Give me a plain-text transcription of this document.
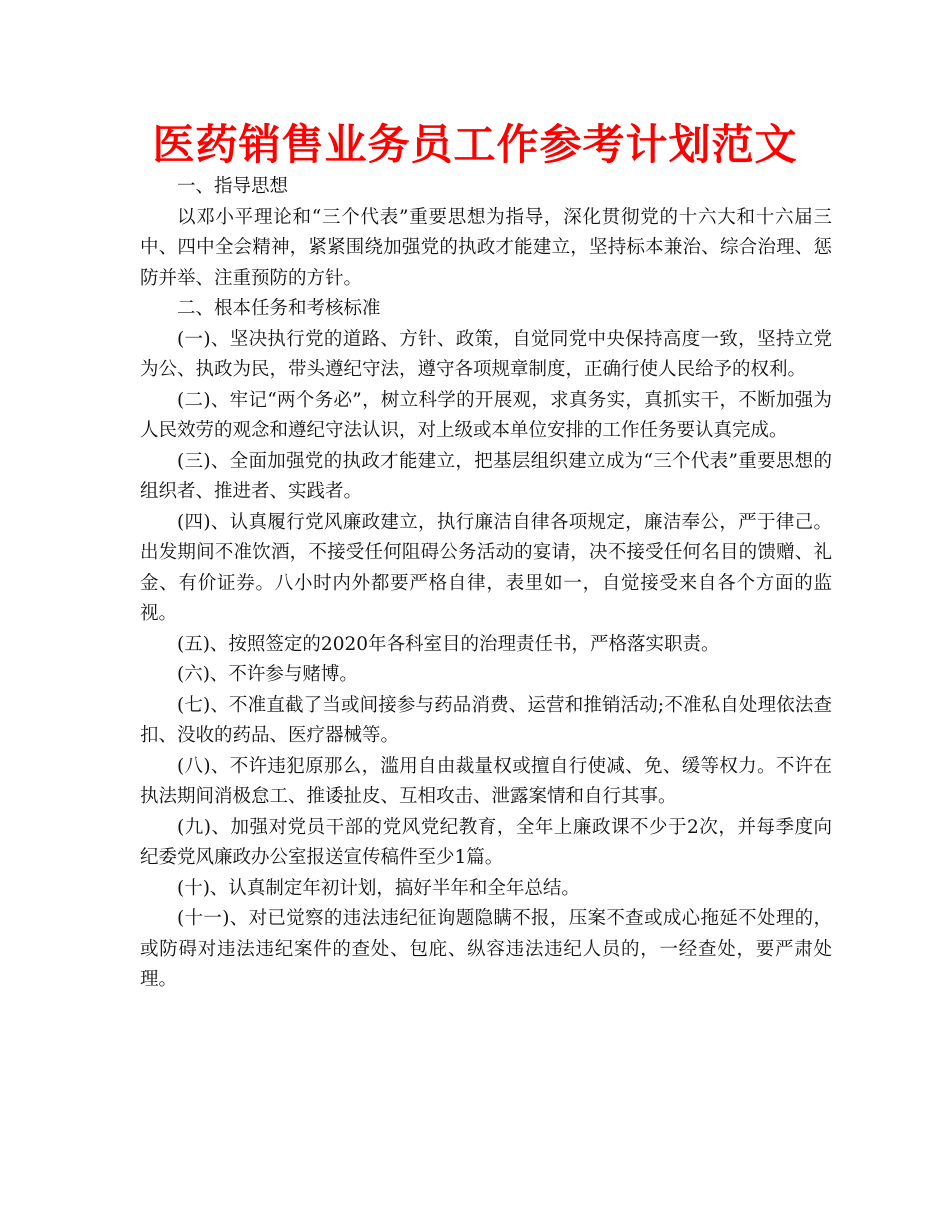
医药销售业务员工作参考计划范文

一、指导思想

以邓小平理论和“三个代表”重要思想为指导，深化贯彻党的十六大和十六届三中、四中全会精神，紧紧围绕加强党的执政才能建立，坚持标本兼治、综合治理、惩防并举、注重预防的方针。

二、根本任务和考核标准

(一)、坚决执行党的道路、方针、政策，自觉同党中央保持高度一致，坚持立党为公、执政为民，带头遵纪守法，遵守各项规章制度，正确行使人民给予的权利。

(二)、牢记“两个务必”，树立科学的开展观，求真务实，真抓实干，不断加强为人民效劳的观念和遵纪守法认识，对上级或本单位安排的工作任务要认真完成。

(三)、全面加强党的执政才能建立，把基层组织建立成为“三个代表”重要思想的组织者、推进者、实践者。

(四)、认真履行党风廉政建立，执行廉洁自律各项规定，廉洁奉公，严于律己。出发期间不准饮酒，不接受任何阻碍公务活动的宴请，决不接受任何名目的馈赠、礼金、有价证券。八小时内外都要严格自律，表里如一，自觉接受来自各个方面的监视。

(五)、按照签定的2020年各科室目的治理责任书，严格落实职责。

(六)、不许参与赌博。

(七)、不准直截了当或间接参与药品消费、运营和推销活动;不准私自处理依法查扣、没收的药品、医疗器械等。

(八)、不许违犯原那么，滥用自由裁量权或擅自行使减、免、缓等权力。不许在执法期间消极怠工、推诿扯皮、互相攻击、泄露案情和自行其事。

(九)、加强对党员干部的党风党纪教育，全年上廉政课不少于2次，并每季度向纪委党风廉政办公室报送宣传稿件至少1篇。

(十)、认真制定年初计划，搞好半年和全年总结。

(十一)、对已觉察的违法违纪征询题隐瞒不报，压案不查或成心拖延不处理的，或防碍对违法违纪案件的查处、包庇、纵容违法违纪人员的，一经查处，要严肃处理。
